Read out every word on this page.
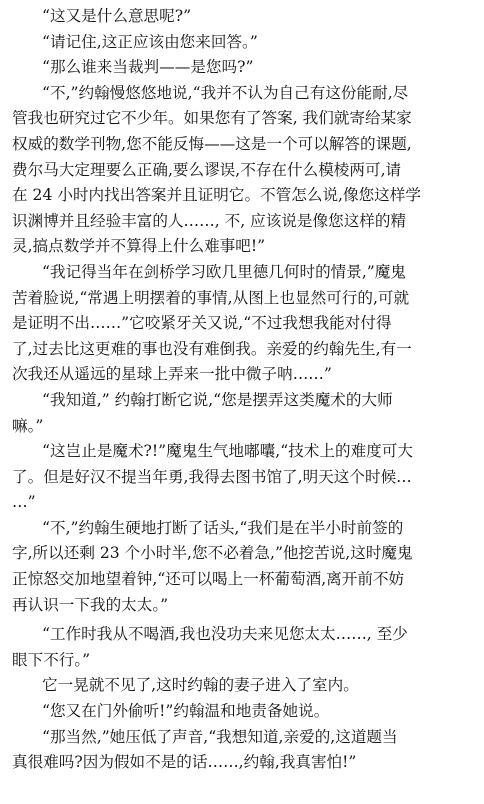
“这又是什么意思呢?”
“请记住,这正应该由您来回答。”
“那么谁来当裁判——是您吗?”
“不,”约翰慢悠悠地说,“我并不认为自己有这份能耐,尽
管我也研究过它不少年。如果您有了答案, 我们就寄给某家
权威的数学刊物,您不能反悔——这是一个可以解答的课题,
费尔马大定理要么正确,要么谬误,不存在什么模棱两可,请
在 24 小时内找出答案并且证明它。不管怎么说,像您这样学
识渊博并且经验丰富的人……, 不, 应该说是像您这样的精
灵,搞点数学并不算得上什么难事吧!”
“我记得当年在剑桥学习欧几里德几何时的情景,”魔鬼
苦着脸说,“常遇上明摆着的事情,从图上也显然可行的,可就
是证明不出……”它咬紧牙关又说,“不过我想我能对付得
了,过去比这更难的事也没有难倒我。亲爱的约翰先生,有一
次我还从遥远的星球上弄来一批中微子呐……”
“我知道,” 约翰打断它说,“您是摆弄这类魔术的大师
嘛。”
“这岂止是魔术?!”魔鬼生气地嘟囔,“技术上的难度可大
了。但是好汉不提当年勇,我得去图书馆了,明天这个时候…
…”
“不,”约翰生硬地打断了话头,“我们是在半小时前签的
字,所以还剩 23 个小时半,您不必着急,”他挖苦说,这时魔鬼
正惊怒交加地望着钟,“还可以喝上一杯葡萄酒,离开前不妨
再认识一下我的太太。”
“工作时我从不喝酒,我也没功夫来见您太太……, 至少
眼下不行。”
它一晃就不见了,这时约翰的妻子进入了室内。
“您又在门外偷听!”约翰温和地责备她说。
“那当然,”她压低了声音,“我想知道,亲爱的,这道题当
真很难吗?因为假如不是的话……,约翰,我真害怕!”
